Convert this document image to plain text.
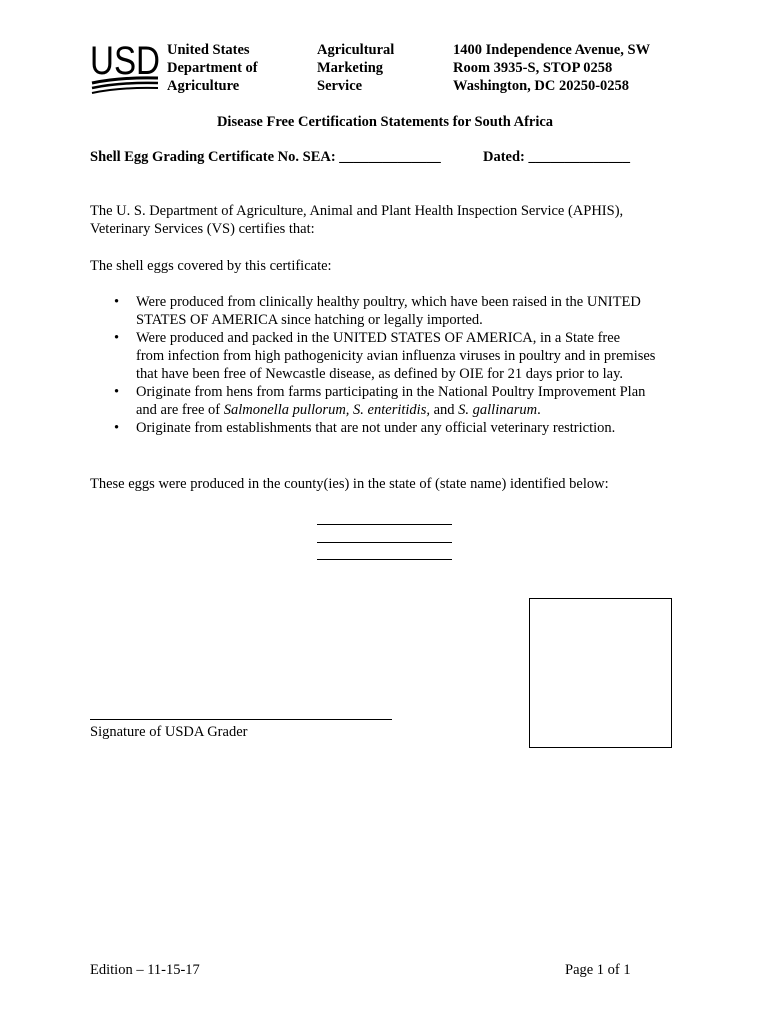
USD United States
Department of
Agriculture
Agricultural
Marketing
Service
1400 Independence Avenue, SW
Room 3935-S, STOP 0258
Washington, DC 20250-0258
Disease Free Certification Statements for South Africa
Shell Egg Grading Certificate No. SEA: ______________	Dated: ______________
The U. S. Department of Agriculture, Animal and Plant Health Inspection Service (APHIS),
Veterinary Services (VS) certifies that:
The shell eggs covered by this certificate:
• Were produced from clinically healthy poultry, which have been raised in the UNITED
STATES OF AMERICA since hatching or legally imported.
• Were produced and packed in the UNITED STATES OF AMERICA, in a State free
from infection from high pathogenicity avian influenza viruses in poultry and in premises
that have been free of Newcastle disease, as defined by OIE for 21 days prior to lay.
• Originate from hens from farms participating in the National Poultry Improvement Plan
and are free of Salmonella pullorum, S. enteritidis, and S. gallinarum.
• Originate from establishments that are not under any official veterinary restriction.
These eggs were produced in the county(ies) in the state of (state name) identified below:
Signature of USDA Grader
Edition – 11-15-17	Page 1 of 1
